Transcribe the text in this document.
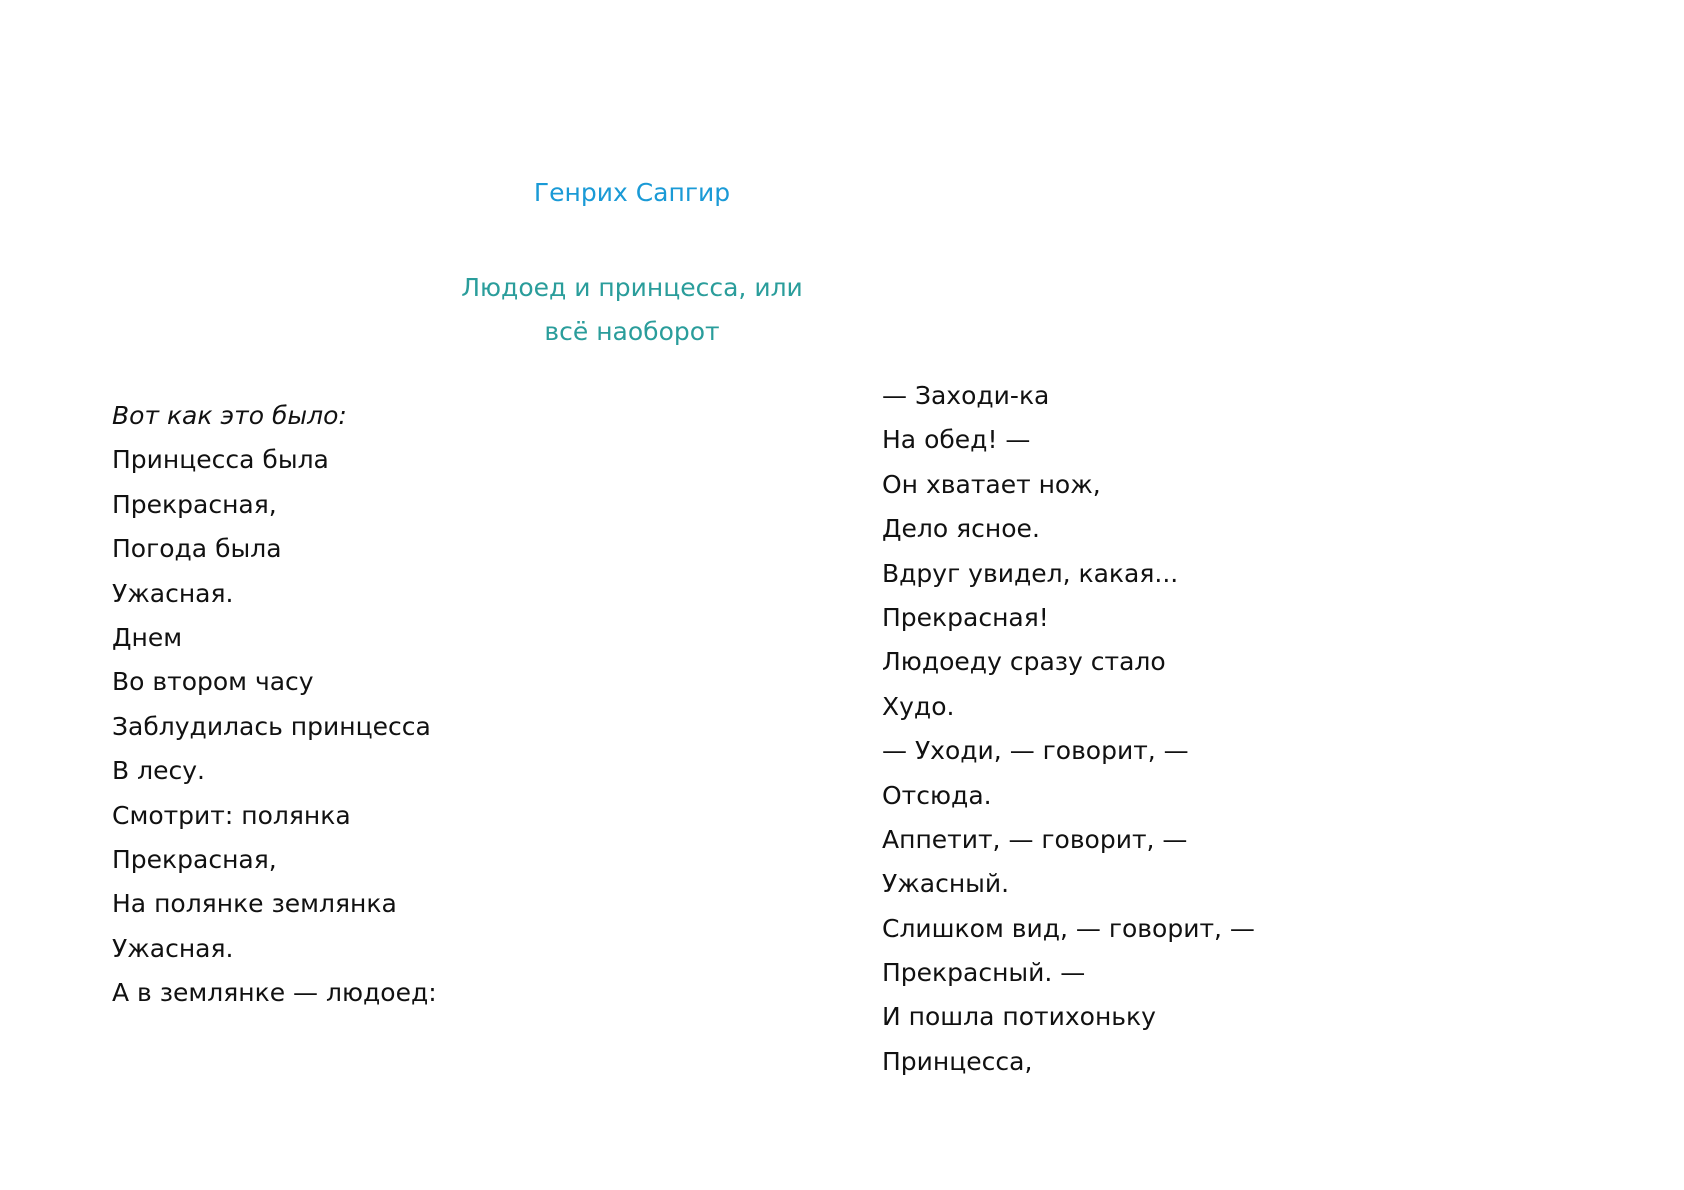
Генрих Сапгир
Людоед и принцесса, или
всё наоборот
Вот как это было:
Принцесса была
Прекрасная,
Погода была
Ужасная.
Днем
Во втором часу
Заблудилась принцесса
В лесу.
Смотрит: полянка
Прекрасная,
На полянке землянка
Ужасная.
А в землянке — людоед:
— Заходи-ка
На обед! —
Он хватает нож,
Дело ясное.
Вдруг увидел, какая...
Прекрасная!
Людоеду сразу стало
Худо.
— Уходи, — говорит, —
Отсюда.
Аппетит, — говорит, —
Ужасный.
Слишком вид, — говорит, —
Прекрасный. —
И пошла потихоньку
Принцесса,
